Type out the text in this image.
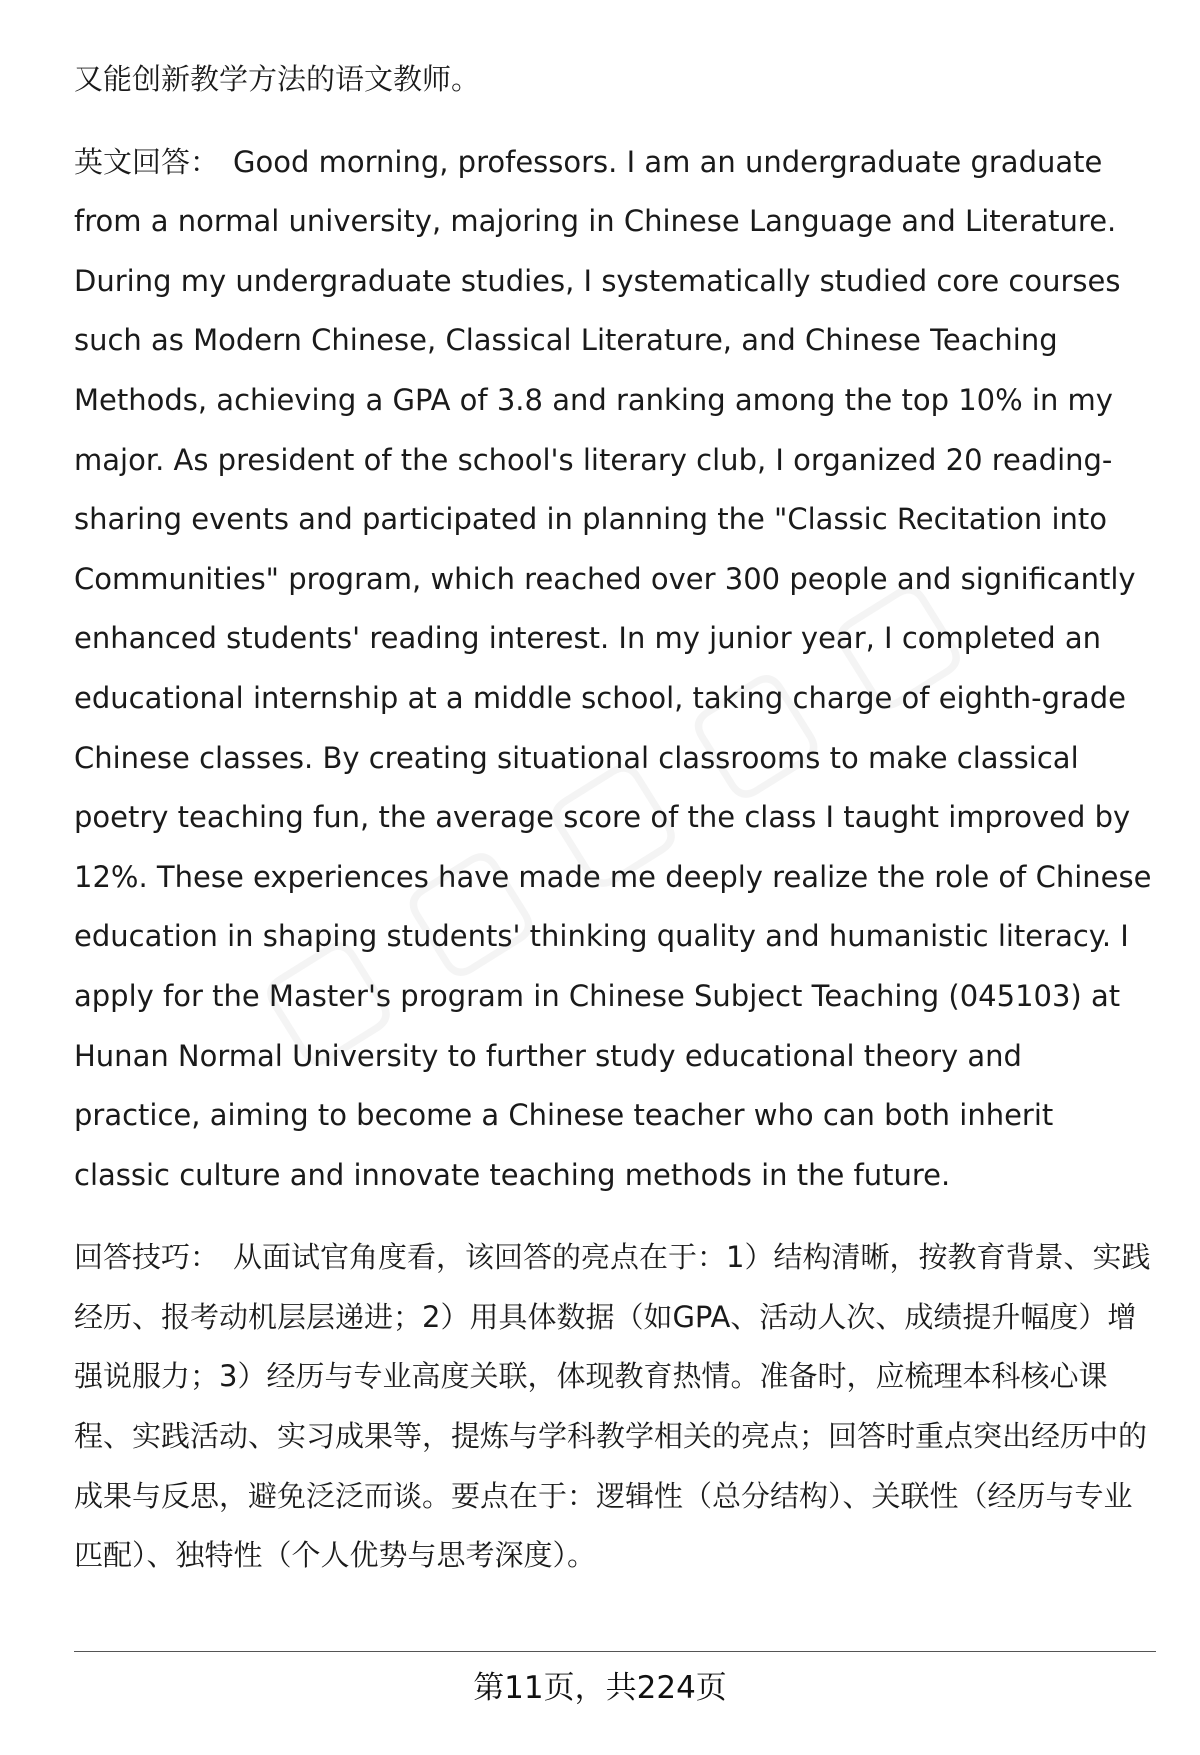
又能创新教学方法的语文教师。

英文回答： Good morning, professors. I am an undergraduate graduate from a normal university, majoring in Chinese Language and Literature. During my undergraduate studies, I systematically studied core courses such as Modern Chinese, Classical Literature, and Chinese Teaching Methods, achieving a GPA of 3.8 and ranking among the top 10% in my major. As president of the school's literary club, I organized 20 reading-sharing events and participated in planning the "Classic Recitation into Communities" program, which reached over 300 people and significantly enhanced students' reading interest. In my junior year, I completed an educational internship at a middle school, taking charge of eighth-grade Chinese classes. By creating situational classrooms to make classical poetry teaching fun, the average score of the class I taught improved by 12%. These experiences have made me deeply realize the role of Chinese education in shaping students' thinking quality and humanistic literacy. I apply for the Master's program in Chinese Subject Teaching (045103) at Hunan Normal University to further study educational theory and practice, aiming to become a Chinese teacher who can both inherit classic culture and innovate teaching methods in the future.

回答技巧： 从面试官角度看，该回答的亮点在于：1）结构清晰，按教育背景、实践经历、报考动机层层递进；2）用具体数据（如GPA、活动人次、成绩提升幅度）增强说服力；3）经历与专业高度关联，体现教育热情。准备时，应梳理本科核心课程、实践活动、实习成果等，提炼与学科教学相关的亮点；回答时重点突出经历中的成果与反思，避免泛泛而谈。要点在于：逻辑性（总分结构）、关联性（经历与专业匹配）、独特性（个人优势与思考深度）。

第11页，共224页
